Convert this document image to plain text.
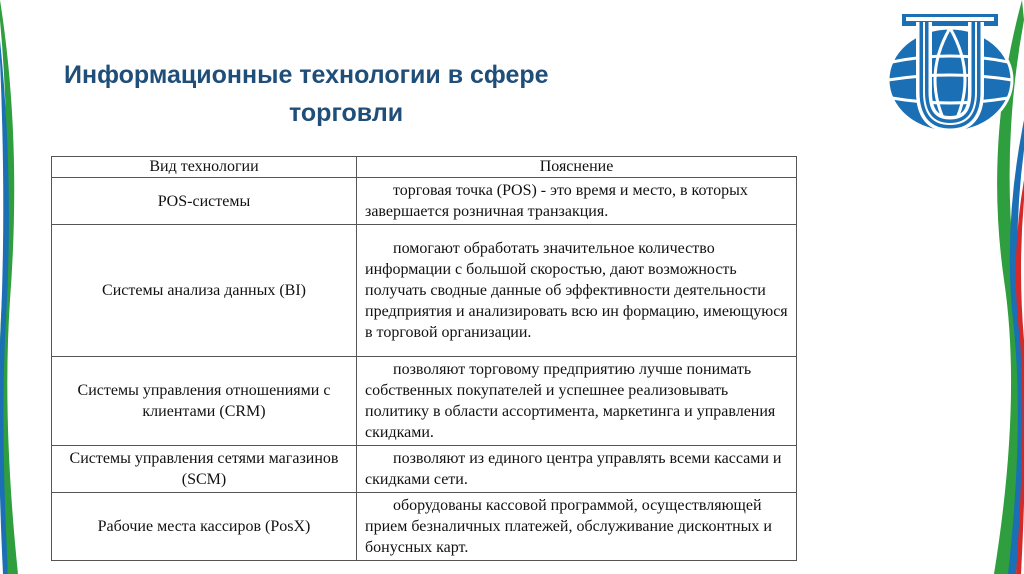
Информационные технологии в сфере
торговли
Вид технологии	Пояснение
POS-системы	торговая точка (POS) - это время и место, в которых завершается розничная транзакция.
Системы анализа данных (BI)	помогают обработать значительное количество информации с большой скоростью, дают возможность получать сводные данные об эффективности деятельности предприятия и анализировать всю ин формацию, имеющуюся в торговой организации.
Системы управления отношениями с клиентами (CRM)	позволяют торговому предприятию лучше понимать собственных покупателей и успешнее реализовывать политику в области ассортимента, маркетинга и управления скидками.
Системы управления сетями магазинов (SCM)	позволяют из единого центра управлять всеми кассами и скидками сети.
Рабочие места кассиров (PosX)	оборудованы кассовой программой, осуществляющей прием безналичных платежей, обслуживание дисконтных и бонусных карт.
